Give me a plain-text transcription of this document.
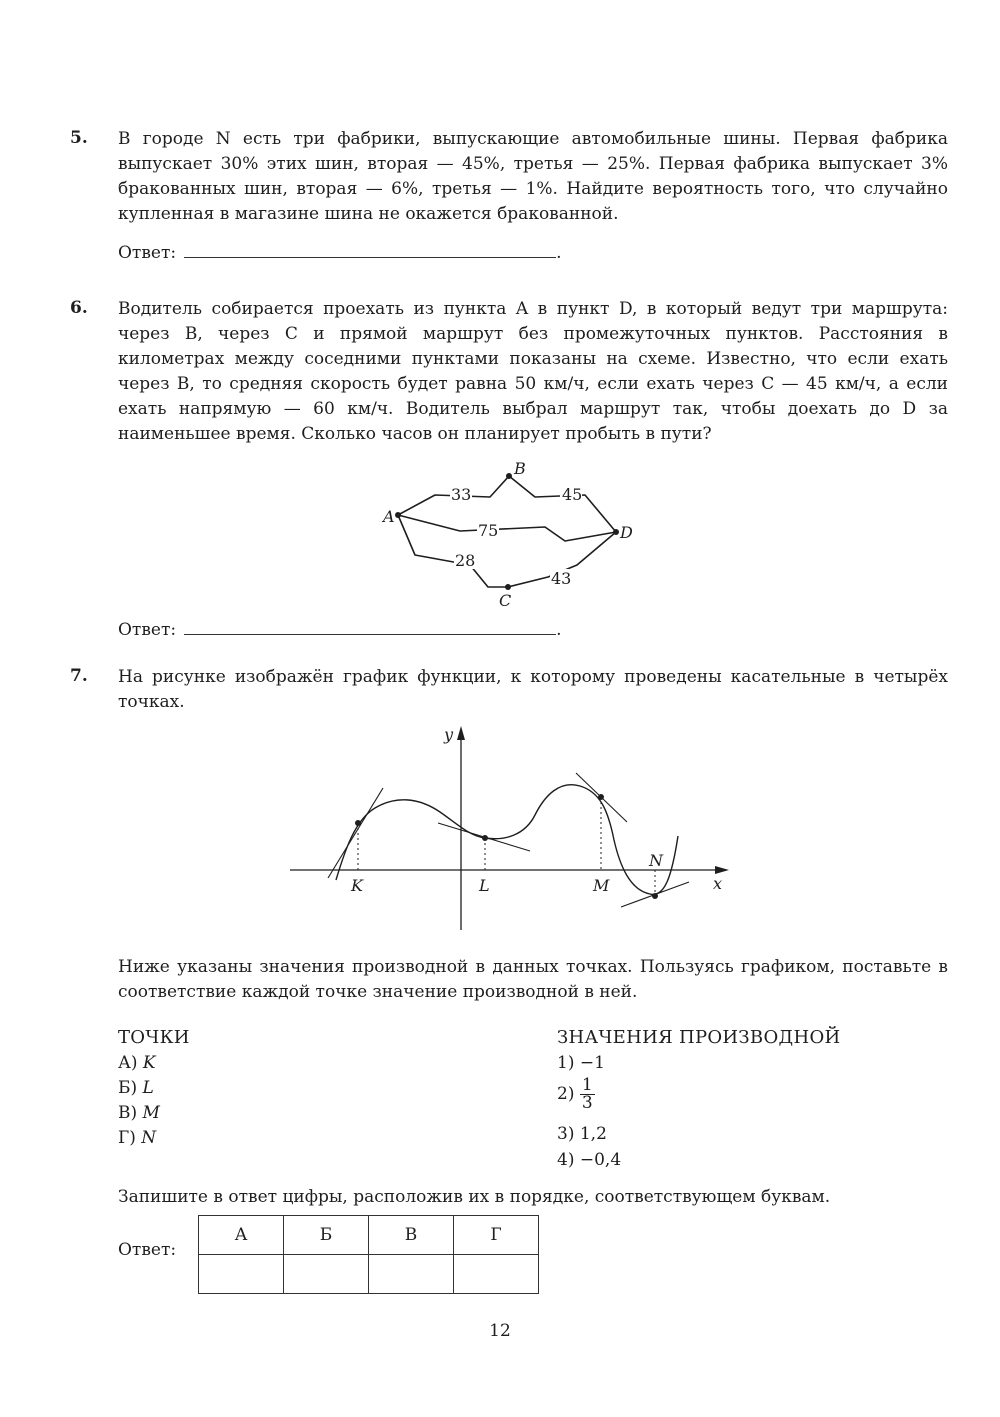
5. В городе N есть три фабрики, выпускающие автомобильные шины. Первая фабрика выпускает 30% этих шин, вторая — 45%, третья — 25%. Первая фабрика выпускает 3% бракованных шин, вторая — 6%, третья — 1%. Найдите вероятность того, что случайно купленная в магазине шина не окажется бракованной.
Ответ:	.
6. Водитель собирается проехать из пункта A в пункт D, в который ведут три маршрута: через B, через C и прямой маршрут без промежуточных пунктов. Расстояния в километрах между соседними пунктами показаны на схеме. Известно, что если ехать через B, то средняя скорость будет равна 50 км/ч, если ехать через C — 45 км/ч, а если ехать напрямую — 60 км/ч. Водитель выбрал маршрут так, чтобы доехать до D за наименьшее время. Сколько часов он планирует пробыть в пути?
A
B
C
D
33	45
75
28
43
Ответ:	.
7. На рисунке изображён график функции, к которому проведены касательные в четырёх точках.
y
x
K	L	M
N
Ниже указаны значения производной в данных точках. Пользуясь графиком, поставьте в соответствие каждой точке значение производной в ней.
ТОЧКИ
А) K
Б) L
В) M
Г) N
ЗНАЧЕНИЯ ПРОИЗВОДНОЙ
1) −1
$2) \frac{1}{3}$
3) 1,2
4) −0,4
Запишите в ответ цифры, расположив их в порядке, соответствующем буквам.
Ответ:
А	Б	В	Г

12
